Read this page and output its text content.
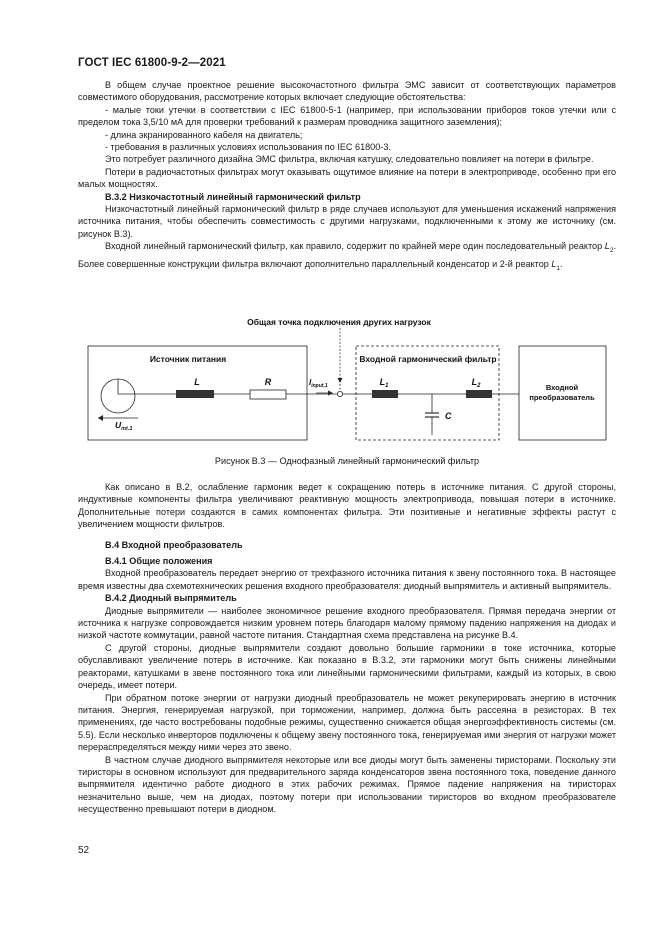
ГОСТ IEC 61800-9-2—2021

В общем случае проектное решение высокочастотного фильтра ЭМС зависит от соответствующих параметров совместимого оборудования, рассмотрение которых включает следующие обстоятельства:

- малые токи утечки в соответствии с IEC 61800-5-1 (например, при использовании приборов токов утечки или с пределом тока 3,5/10 мА для проверки требований к размерам проводника защитного заземления);

- длина экранированного кабеля на двигатель;

- требования в различных условиях использования по IEC 61800-3.

Это потребует различного дизайна ЭМС фильтра, включая катушку, следовательно повлияет на потери в фильтре.

Потери в радиочастотных фильтрах могут оказывать ощутимое влияние на потери в электроприводе, особенно при его малых мощностях.

B.3.2 Низкочастотный линейный гармонический фильтр

Низкочастотный линейный гармонический фильтр в ряде случаев используют для уменьшения искажений напряжения источника питания, чтобы обеспечить совместимость с другими нагрузками, подключенными к этому же источнику (см. рисунок В.3).

Входной линейный гармонический фильтр, как правило, содержит по крайней мере один последовательный реактор $L_2$. Более совершенные конструкции фильтра включают дополнительно параллельный конденсатор и 2-й реактор $L_1$.

Общая точка подключения других нагрузок
Источник питания
L	R
$U_{mt.1}$
$I_{input,1}$
Входной гармонический фильтр
$L_1$
C
$L_2$	Входной
преобразователь
Рисунок В.3 — Однофазный линейный гармонический фильтр

Как описано в В.2, ослабление гармоник ведет к сокращению потерь в источнике питания. С другой стороны, индуктивные компоненты фильтра увеличивают реактивную мощность электропривода, повышая потери в источнике. Дополнительные потери создаются в самих компонентах фильтра. Эти позитивные и негативные эффекты растут с увеличением мощности фильтров.

B.4 Входной преобразователь

B.4.1 Общие положения

Входной преобразователь передает энергию от трехфазного источника питания к звену постоянного тока. В настоящее время известны два схемотехнических решения входного преобразователя: диодный выпрямитель и активный выпрямитель.

B.4.2 Диодный выпрямитель

Диодные выпрямители — наиболее экономичное решение входного преобразователя. Прямая передача энергии от источника к нагрузке сопровождается низким уровнем потерь благодаря малому прямому падению напряжения на диодах и низкой частоте коммутации, равной частоте питания. Стандартная схема представлена на рисунке В.4.

С другой стороны, диодные выпрямители создают довольно большие гармоники в токе источника, которые обуславливают увеличение потерь в источнике. Как показано в В.3.2, эти гармоники могут быть снижены линейными реакторами, катушками в звене постоянного тока или линейными гармоническими фильтрами, каждый из которых, в свою очередь, имеет потери.

При обратном потоке энергии от нагрузки диодный преобразователь не может рекуперировать энергию в источник питания. Энергия, генерируемая нагрузкой, при торможении, например, должна быть рассеяна в резисторах. В тех применениях, где часто востребованы подобные режимы, существенно снижается общая энергоэффективность системы (см. 5.5). Если несколько инверторов подключены к общему звену постоянного тока, генерируемая ими энергия от нагрузки может перераспределяться между ними через это звено.

В частном случае диодного выпрямителя некоторые или все диоды могут быть заменены тиристорами. Поскольку эти тиристоры в основном используют для предварительного заряда конденсаторов звена постоянного тока, поведение данного выпрямителя идентично работе диодного в этих рабочих режимах. Прямое падение напряжения на тиристорах незначительно выше, чем на диодах, поэтому потери при использовании тиристоров во входном преобразователе несущественно превышают потери в диодном.

52
